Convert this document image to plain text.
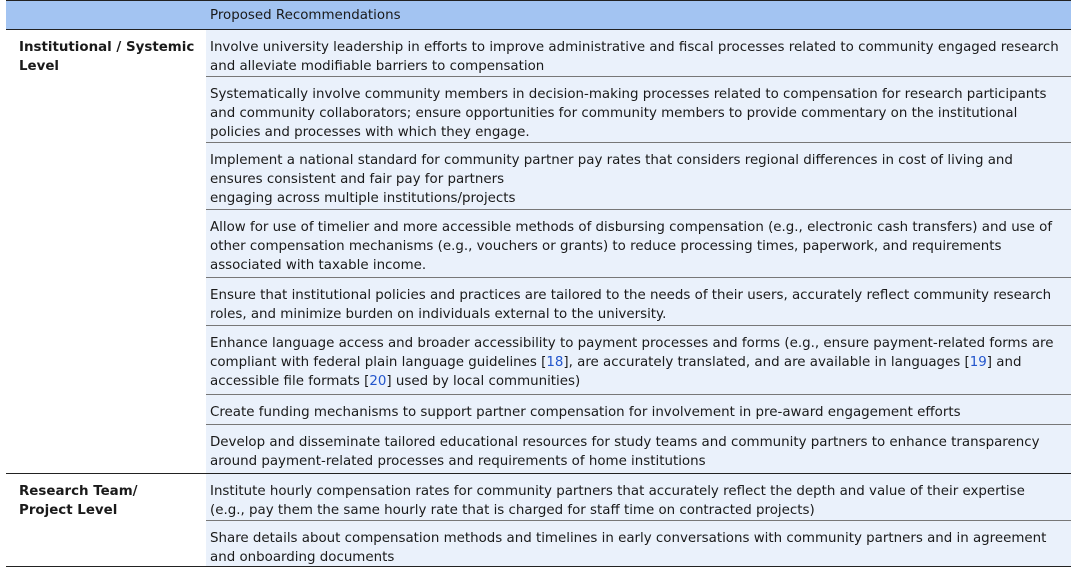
Proposed Recommendations
Institutional / Systemic Level
Involve university leadership in efforts to improve administrative and fiscal processes related to community engaged research and alleviate modifiable barriers to compensation
Systematically involve community members in decision-making processes related to compensation for research participants and community collaborators; ensure opportunities for community members to provide commentary on the institutional policies and processes with which they engage.
Implement a national standard for community partner pay rates that considers regional differences in cost of living and ensures consistent and fair pay for partners
engaging across multiple institutions/projects
Allow for use of timelier and more accessible methods of disbursing compensation (e.g., electronic cash transfers) and use of other compensation mechanisms (e.g., vouchers or grants) to reduce processing times, paperwork, and requirements associated with taxable income.
Ensure that institutional policies and practices are tailored to the needs of their users, accurately reflect community research roles, and minimize burden on individuals external to the university.
Enhance language access and broader accessibility to payment processes and forms (e.g., ensure payment-related forms are compliant with federal plain language guidelines [18], are accurately translated, and are available in languages [19] and accessible file formats [20] used by local communities)
Create funding mechanisms to support partner compensation for involvement in pre-award engagement efforts
Develop and disseminate tailored educational resources for study teams and community partners to enhance transparency around payment-related processes and requirements of home institutions
Research Team/
Project Level
Institute hourly compensation rates for community partners that accurately reflect the depth and value of their expertise (e.g., pay them the same hourly rate that is charged for staff time on contracted projects)
Share details about compensation methods and timelines in early conversations with community partners and in agreement and onboarding documents
